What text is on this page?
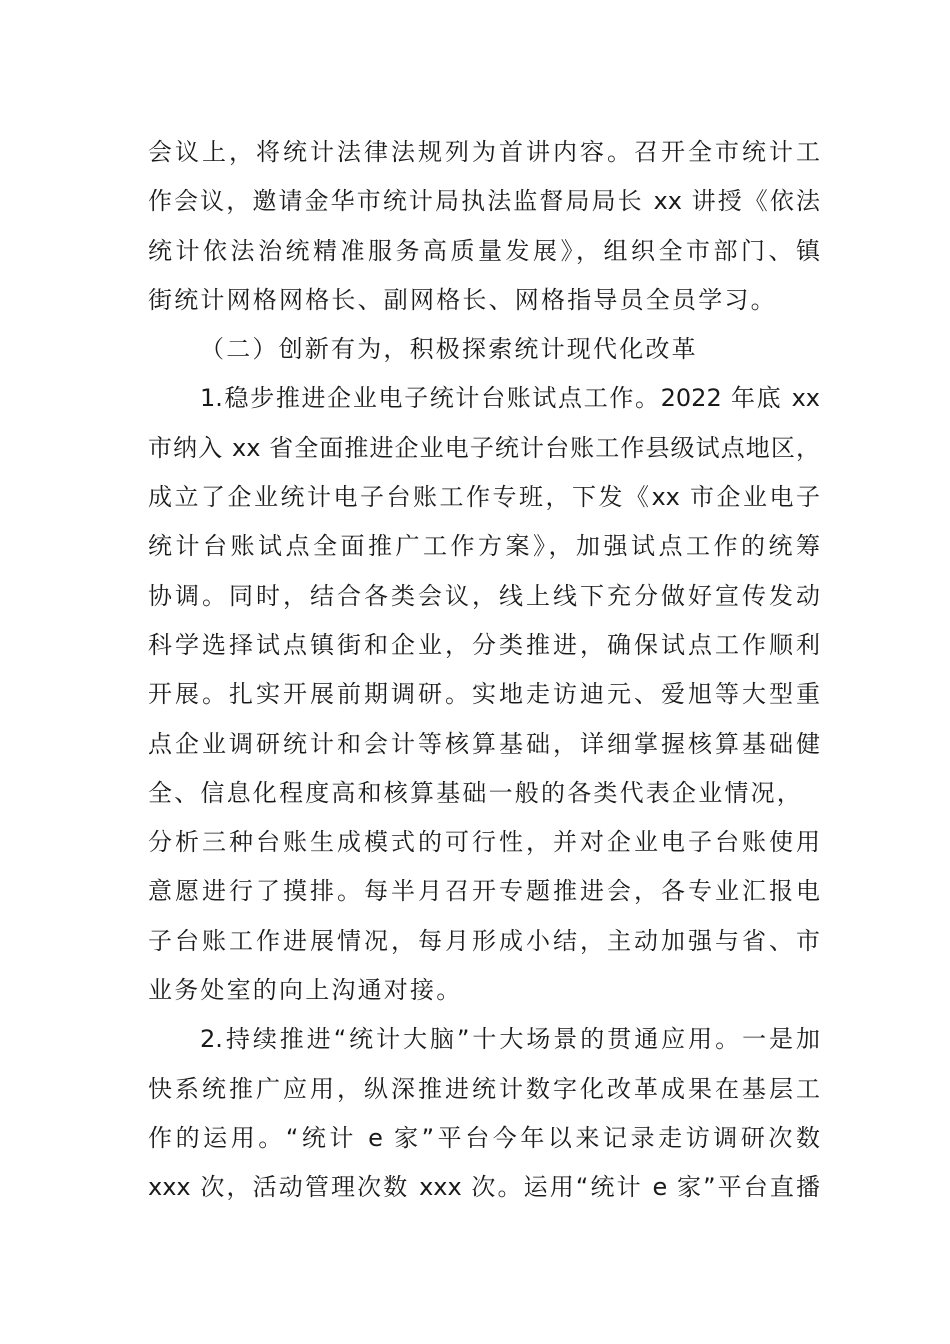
会议上，将统计法律法规列为首讲内容。召开全市统计工
作会议，邀请金华市统计局执法监督局局长 xx 讲授《依法
统计依法治统精准服务高质量发展》，组织全市部门、镇
街统计网格网格长、副网格长、网格指导员全员学习。
（二）创新有为，积极探索统计现代化改革
1.稳步推进企业电子统计台账试点工作。2022 年底 xx
市纳入 xx 省全面推进企业电子统计台账工作县级试点地区，
成立了企业统计电子台账工作专班，下发《xx 市企业电子
统计台账试点全面推广工作方案》，加强试点工作的统筹
协调。同时，结合各类会议，线上线下充分做好宣传发动
科学选择试点镇街和企业，分类推进，确保试点工作顺利
开展。扎实开展前期调研。实地走访迪元、爱旭等大型重
点企业调研统计和会计等核算基础，详细掌握核算基础健
全、信息化程度高和核算基础一般的各类代表企业情况，
分析三种台账生成模式的可行性，并对企业电子台账使用
意愿进行了摸排。每半月召开专题推进会，各专业汇报电
子台账工作进展情况，每月形成小结，主动加强与省、市
业务处室的向上沟通对接。
2.持续推进“统计大脑”十大场景的贯通应用。一是加
快系统推广应用，纵深推进统计数字化改革成果在基层工
作的运用。“统计 e 家”平台今年以来记录走访调研次数
xxx 次，活动管理次数 xxx 次。运用“统计 e 家”平台直播
